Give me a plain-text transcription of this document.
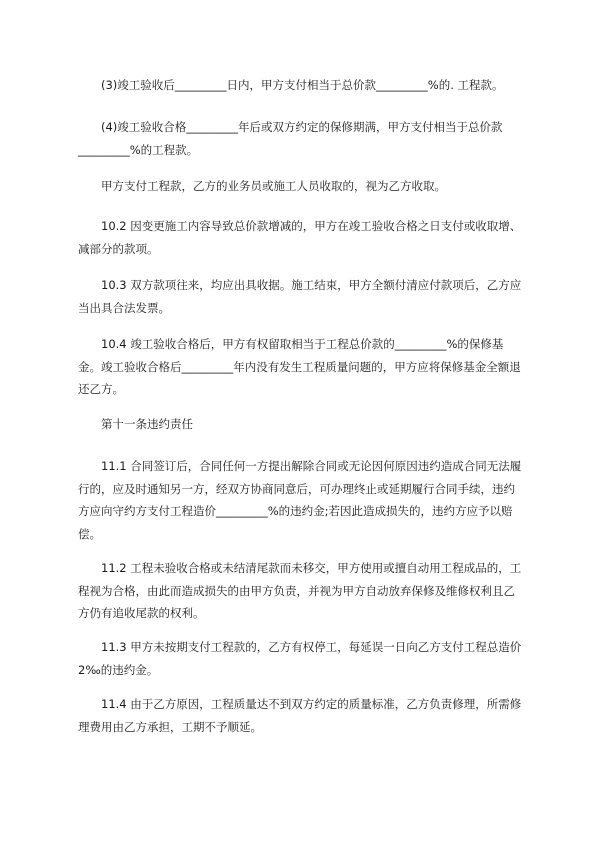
(3)竣工验收后_________日内，甲方支付相当于总价款_________%的. 工程款。

(4)竣工验收合格_________年后或双方约定的保修期满，甲方支付相当于总价款_________%的工程款。

甲方支付工程款，乙方的业务员或施工人员收取的，视为乙方收取。

10.2 因变更施工内容导致总价款增减的，甲方在竣工验收合格之日支付或收取增、减部分的款项。

10.3 双方款项往来，均应出具收据。施工结束，甲方全额付清应付款项后，乙方应当出具合法发票。

10.4 竣工验收合格后，甲方有权留取相当于工程总价款的_________%的保修基金。竣工验收合格后_________年内没有发生工程质量问题的，甲方应将保修基金全额退还乙方。

第十一条违约责任

11.1 合同签订后，合同任何一方提出解除合同或无论因何原因违约造成合同无法履行的，应及时通知另一方，经双方协商同意后，可办理终止或延期履行合同手续，违约方应向守约方支付工程造价_________%的违约金;若因此造成损失的，违约方应予以赔偿。

11.2 工程未验收合格或未结清尾款而未移交，甲方使用或擅自动用工程成品的，工程视为合格，由此而造成损失的由甲方负责，并视为甲方自动放弃保修及维修权利且乙方仍有追收尾款的权利。

11.3 甲方未按期支付工程款的，乙方有权停工，每延误一日向乙方支付工程总造价 2‰的违约金。

11.4 由于乙方原因，工程质量达不到双方约定的质量标准，乙方负责修理，所需修理费用由乙方承担，工期不予顺延。
